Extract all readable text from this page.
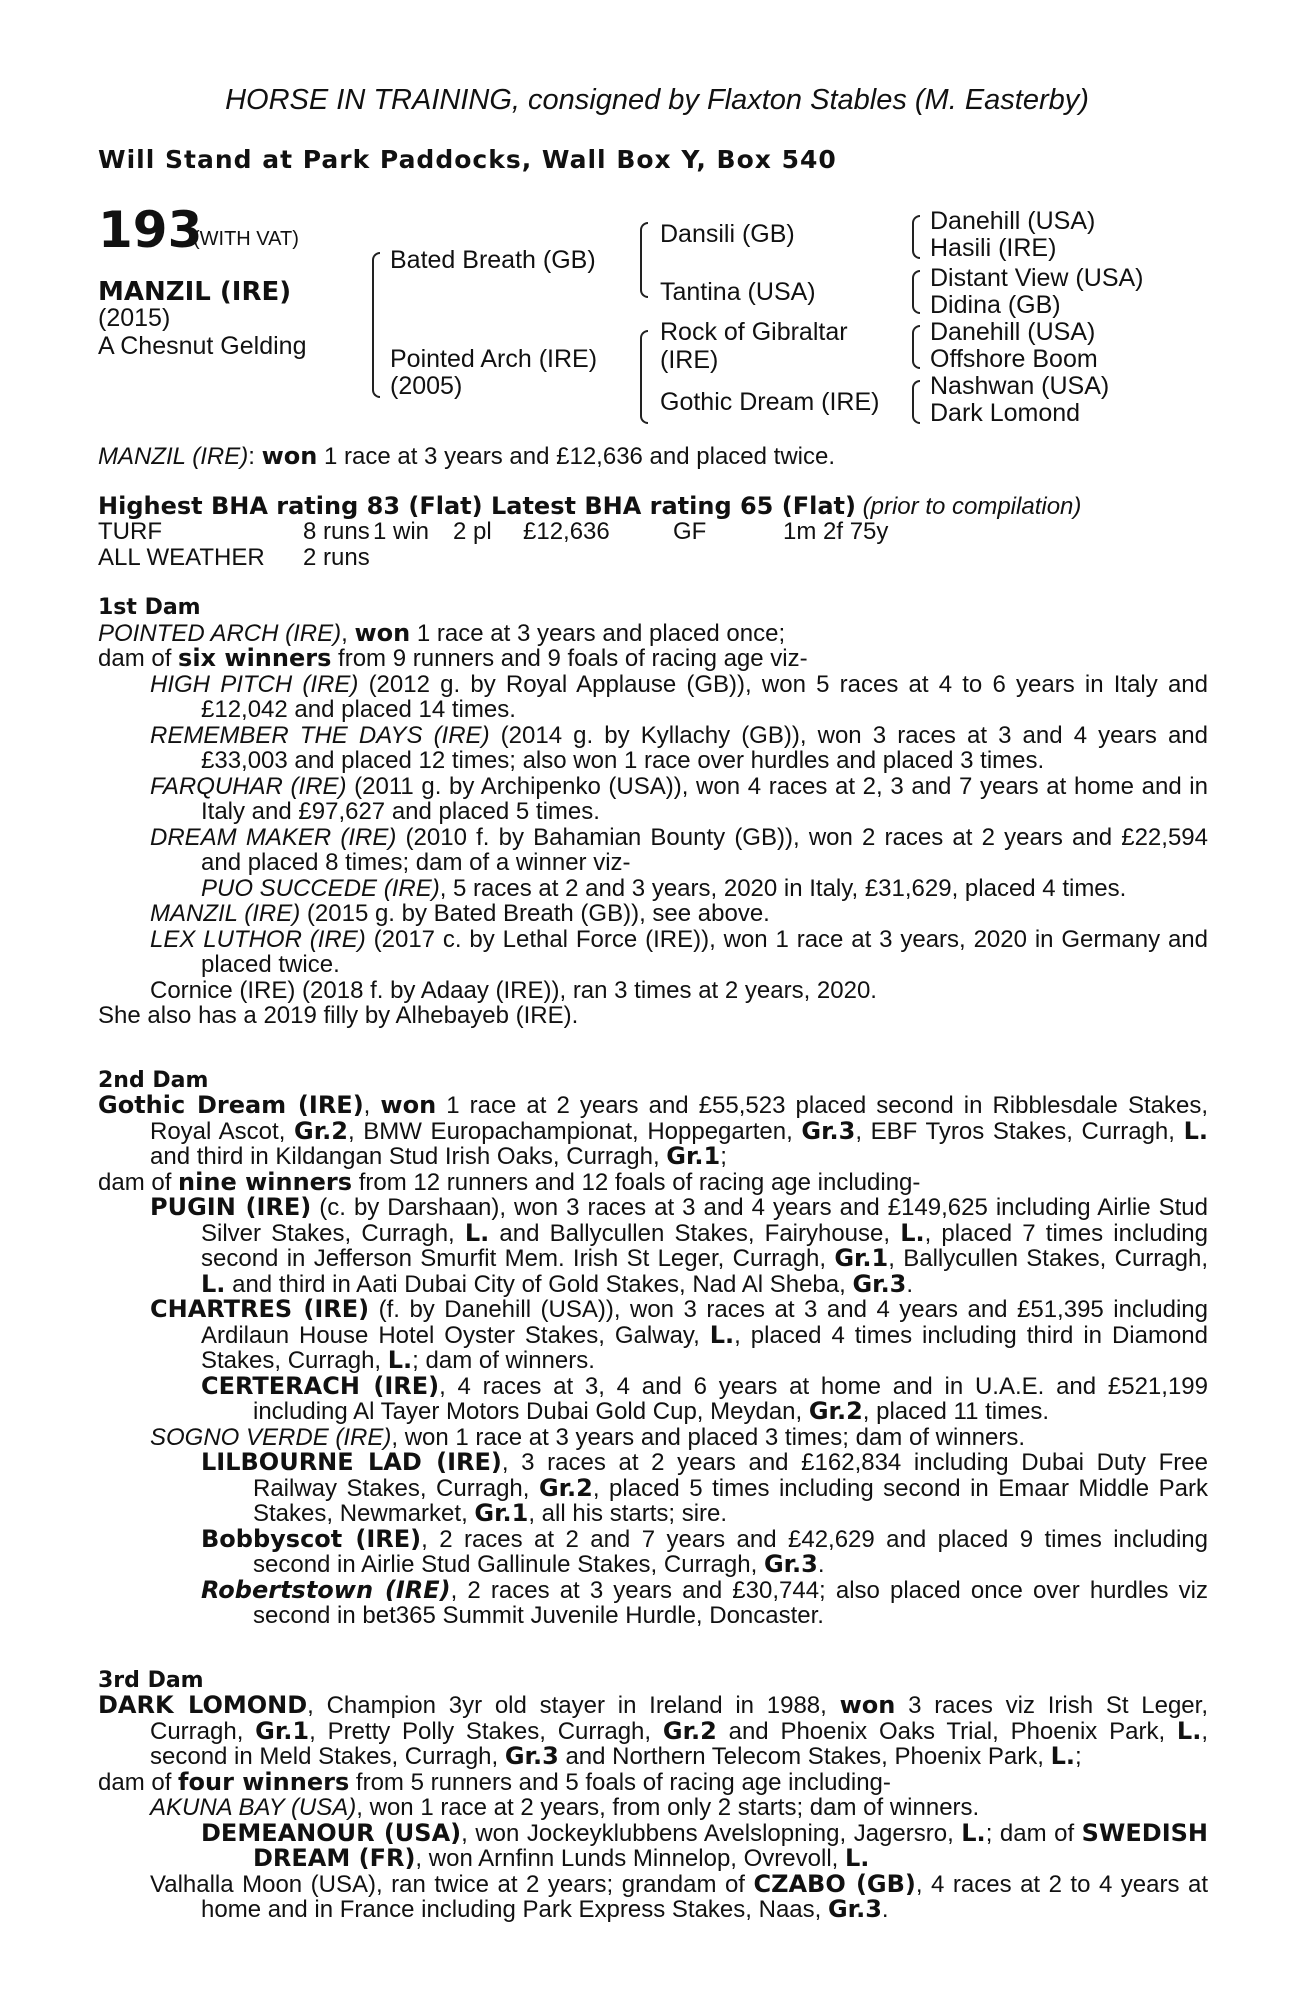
HORSE IN TRAINING, consigned by Flaxton Stables (M. Easterby)
Will Stand at Park Paddocks, Wall Box Y, Box 540
193
(WITH VAT)
MANZIL (IRE)
(2015)
A Chesnut Gelding
Bated Breath (GB)
Pointed Arch (IRE)
(2005)
Dansili (GB)
Tantina (USA)
Rock of Gibraltar
(IRE)
Gothic Dream (IRE)
Danehill (USA)
Hasili (IRE)
Distant View (USA)
Didina (GB)
Danehill (USA)
Offshore Boom
Nashwan (USA)
Dark Lomond

MANZIL (IRE): won 1 race at 3 years and £12,636 and placed twice.

Highest BHA rating 83 (Flat) Latest BHA rating 65 (Flat) (prior to compilation)

TURF	8 runs 1 win 2 pl £12,636	GF	1m 2f 75y

ALL WEATHER 2 runs

1st Dam

POINTED ARCH (IRE), won 1 race at 3 years and placed once;

dam of six winners from 9 runners and 9 foals of racing age viz-

HIGH PITCH (IRE) (2012 g. by Royal Applause (GB)), won 5 races at 4 to 6 years in Italy and £12,042 and placed 14 times.

REMEMBER THE DAYS (IRE) (2014 g. by Kyllachy (GB)), won 3 races at 3 and 4 years and £33,003 and placed 12 times; also won 1 race over hurdles and placed 3 times.

FARQUHAR (IRE) (2011 g. by Archipenko (USA)), won 4 races at 2, 3 and 7 years at home and in Italy and £97,627 and placed 5 times.

DREAM MAKER (IRE) (2010 f. by Bahamian Bounty (GB)), won 2 races at 2 years and £22,594 and placed 8 times; dam of a winner viz-

PUO SUCCEDE (IRE), 5 races at 2 and 3 years, 2020 in Italy, £31,629, placed 4 times.

MANZIL (IRE) (2015 g. by Bated Breath (GB)), see above.

LEX LUTHOR (IRE) (2017 c. by Lethal Force (IRE)), won 1 race at 3 years, 2020 in Germany and placed twice.

Cornice (IRE) (2018 f. by Adaay (IRE)), ran 3 times at 2 years, 2020.

She also has a 2019 filly by Alhebayeb (IRE).

2nd Dam

Gothic Dream (IRE), won 1 race at 2 years and £55,523 placed second in Ribblesdale Stakes, Royal Ascot, Gr.2, BMW Europachampionat, Hoppegarten, Gr.3, EBF Tyros Stakes, Curragh, L. and third in Kildangan Stud Irish Oaks, Curragh, Gr.1;

dam of nine winners from 12 runners and 12 foals of racing age including-

PUGIN (IRE) (c. by Darshaan), won 3 races at 3 and 4 years and £149,625 including Airlie Stud Silver Stakes, Curragh, L. and Ballycullen Stakes, Fairyhouse, L., placed 7 times including second in Jefferson Smurfit Mem. Irish St Leger, Curragh, Gr.1, Ballycullen Stakes, Curragh, L. and third in Aati Dubai City of Gold Stakes, Nad Al Sheba, Gr.3.

CHARTRES (IRE) (f. by Danehill (USA)), won 3 races at 3 and 4 years and £51,395 including Ardilaun House Hotel Oyster Stakes, Galway, L., placed 4 times including third in Diamond Stakes, Curragh, L.; dam of winners.

CERTERACH (IRE), 4 races at 3, 4 and 6 years at home and in U.A.E. and £521,199 including Al Tayer Motors Dubai Gold Cup, Meydan, Gr.2, placed 11 times.

SOGNO VERDE (IRE), won 1 race at 3 years and placed 3 times; dam of winners.

LILBOURNE LAD (IRE), 3 races at 2 years and £162,834 including Dubai Duty Free Railway Stakes, Curragh, Gr.2, placed 5 times including second in Emaar Middle Park Stakes, Newmarket, Gr.1, all his starts; sire.

Bobbyscot (IRE), 2 races at 2 and 7 years and £42,629 and placed 9 times including second in Airlie Stud Gallinule Stakes, Curragh, Gr.3.

Robertstown (IRE), 2 races at 3 years and £30,744; also placed once over hurdles viz second in bet365 Summit Juvenile Hurdle, Doncaster.

3rd Dam

DARK LOMOND, Champion 3yr old stayer in Ireland in 1988, won 3 races viz Irish St Leger, Curragh, Gr.1, Pretty Polly Stakes, Curragh, Gr.2 and Phoenix Oaks Trial, Phoenix Park, L., second in Meld Stakes, Curragh, Gr.3 and Northern Telecom Stakes, Phoenix Park, L.;

dam of four winners from 5 runners and 5 foals of racing age including-

AKUNA BAY (USA), won 1 race at 2 years, from only 2 starts; dam of winners.

DEMEANOUR (USA), won Jockeyklubbens Avelslopning, Jagersro, L.; dam of SWEDISH DREAM (FR), won Arnfinn Lunds Minnelop, Ovrevoll, L.

Valhalla Moon (USA), ran twice at 2 years; grandam of CZABO (GB), 4 races at 2 to 4 years at home and in France including Park Express Stakes, Naas, Gr.3.
